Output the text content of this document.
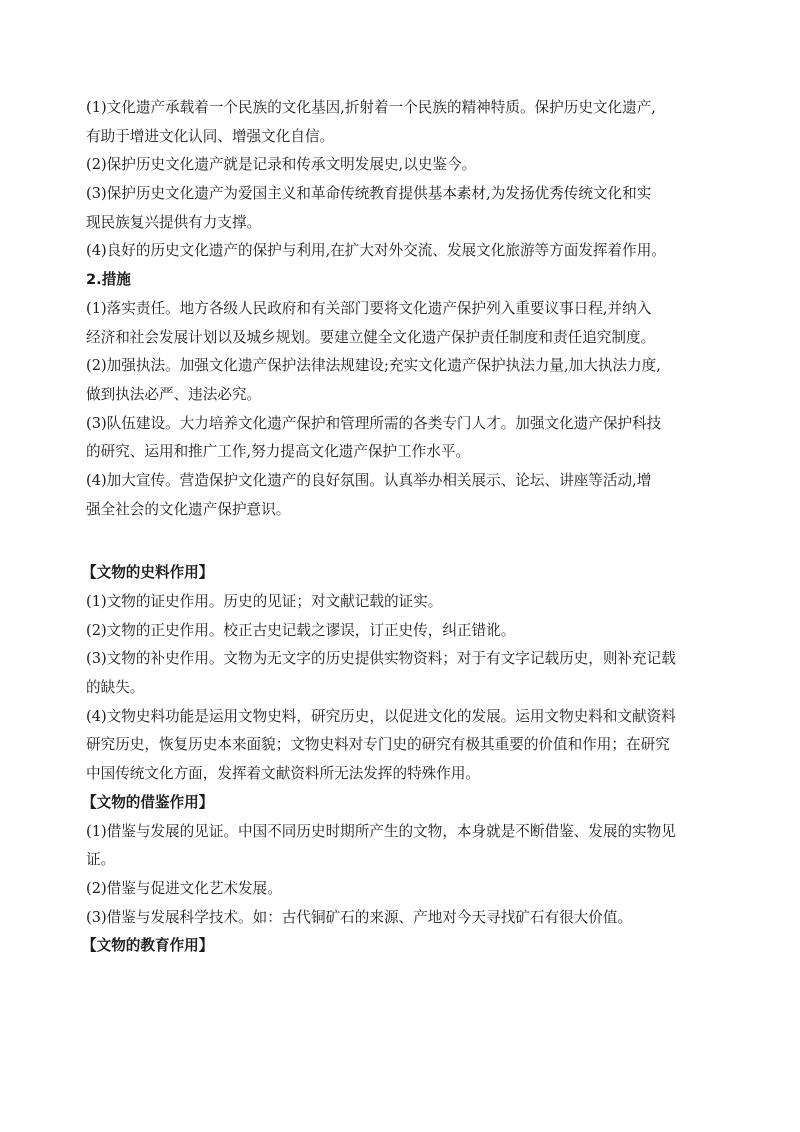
(1)文化遗产承载着一个民族的文化基因,折射着一个民族的精神特质。保护历史文化遗产,
有助于增进文化认同、增强文化自信。
(2)保护历史文化遗产就是记录和传承文明发展史,以史鉴今。
(3)保护历史文化遗产为爱国主义和革命传统教育提供基本素材,为发扬优秀传统文化和实
现民族复兴提供有力支撑。
(4)良好的历史文化遗产的保护与利用,在扩大对外交流、发展文化旅游等方面发挥着作用。
2.措施
(1)落实责任。地方各级人民政府和有关部门要将文化遗产保护列入重要议事日程,并纳入
经济和社会发展计划以及城乡规划。要建立健全文化遗产保护责任制度和责任追究制度。
(2)加强执法。加强文化遗产保护法律法规建设;充实文化遗产保护执法力量,加大执法力度,
做到执法必严、违法必究。
(3)队伍建设。大力培养文化遗产保护和管理所需的各类专门人才。加强文化遗产保护科技
的研究、运用和推广工作,努力提高文化遗产保护工作水平。
(4)加大宣传。营造保护文化遗产的良好氛围。认真举办相关展示、论坛、讲座等活动,增
强全社会的文化遗产保护意识。
【文物的史料作用】
(1)文物的证史作用。历史的见证；对文献记载的证实。
(2)文物的正史作用。校正古史记载之谬误，订正史传，纠正错讹。
(3)文物的补史作用。文物为无文字的历史提供实物资料；对于有文字记载历史，则补充记载
的缺失。
(4)文物史料功能是运用文物史料，研究历史，以促进文化的发展。运用文物史料和文献资料
研究历史，恢复历史本来面貌；文物史料对专门史的研究有极其重要的价值和作用；在研究
中国传统文化方面，发挥着文献资料所无法发挥的特殊作用。
【文物的借鉴作用】
(1)借鉴与发展的见证。中国不同历史时期所产生的文物，本身就是不断借鉴、发展的实物见
证。
(2)借鉴与促进文化艺术发展。
(3)借鉴与发展科学技术。如：古代铜矿石的来源、产地对今天寻找矿石有很大价值。
【文物的教育作用】
